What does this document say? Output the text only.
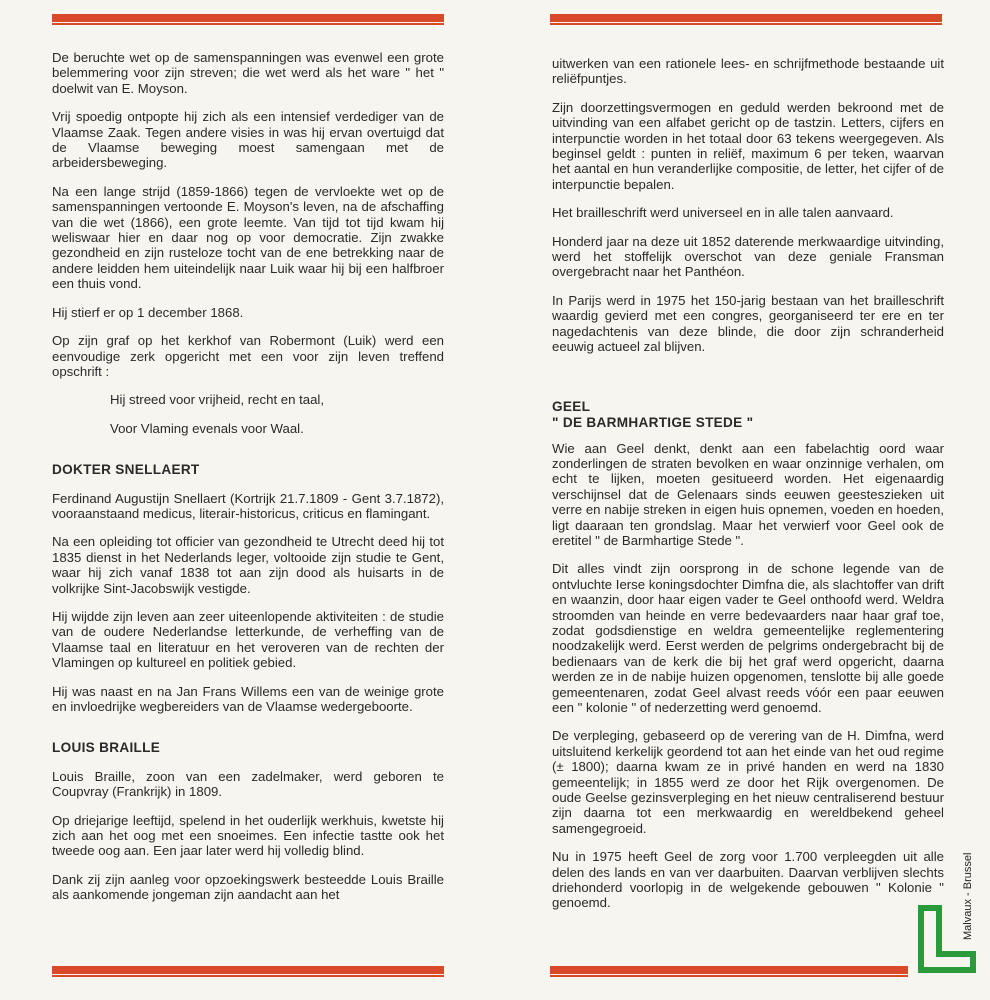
De beruchte wet op de samenspanningen was evenwel een grote belemmering voor zijn streven; die wet werd als het ware " het " doelwit van E. Moyson.

Vrij spoedig ontpopte hij zich als een intensief verdediger van de Vlaamse Zaak. Tegen andere visies in was hij ervan overtuigd dat de Vlaamse beweging moest samengaan met de arbeidersbeweging.

Na een lange strijd (1859-1866) tegen de vervloekte wet op de samenspanningen vertoonde E. Moyson's leven, na de afschaffing van die wet (1866), een grote leemte. Van tijd tot tijd kwam hij weliswaar hier en daar nog op voor democratie. Zijn zwakke gezondheid en zijn rusteloze tocht van de ene betrekking naar de andere leidden hem uiteindelijk naar Luik waar hij bij een halfbroer een thuis vond.

Hij stierf er op 1 december 1868.

Op zijn graf op het kerkhof van Robermont (Luik) werd een eenvoudige zerk opgericht met een voor zijn leven treffend opschrift :

Hij streed voor vrijheid, recht en taal,

Voor Vlaming evenals voor Waal.

DOKTER SNELLAERT

Ferdinand Augustijn Snellaert (Kortrijk 21.7.1809 - Gent 3.7.1872), vooraanstaand medicus, literair-historicus, criticus en flamingant.

Na een opleiding tot officier van gezondheid te Utrecht deed hij tot 1835 dienst in het Nederlands leger, voltooide zijn studie te Gent, waar hij zich vanaf 1838 tot aan zijn dood als huisarts in de volkrijke Sint-Jacobswijk vestigde.

Hij wijdde zijn leven aan zeer uiteenlopende aktiviteiten : de studie van de oudere Nederlandse letterkunde, de verheffing van de Vlaamse taal en literatuur en het veroveren van de rechten der Vlamingen op kultureel en politiek gebied.

Hij was naast en na Jan Frans Willems een van de weinige grote en invloedrijke wegbereiders van de Vlaamse wedergeboorte.

LOUIS BRAILLE

Louis Braille, zoon van een zadelmaker, werd geboren te Coupvray (Frankrijk) in 1809.

Op driejarige leeftijd, spelend in het ouderlijk werkhuis, kwetste hij zich aan het oog met een snoeimes. Een infectie tastte ook het tweede oog aan. Een jaar later werd hij volledig blind.

Dank zij zijn aanleg voor opzoekingswerk besteedde Louis Braille als aankomende jongeman zijn aandacht aan het

uitwerken van een rationele lees- en schrijfmethode bestaande uit reliëfpuntjes.

Zijn doorzettingsvermogen en geduld werden bekroond met de uitvinding van een alfabet gericht op de tastzin. Letters, cijfers en interpunctie worden in het totaal door 63 tekens weergegeven. Als beginsel geldt : punten in reliëf, maximum 6 per teken, waarvan het aantal en hun veranderlijke compositie, de letter, het cijfer of de interpunctie bepalen.

Het brailleschrift werd universeel en in alle talen aanvaard.

Honderd jaar na deze uit 1852 daterende merkwaardige uitvinding, werd het stoffelijk overschot van deze geniale Fransman overgebracht naar het Panthéon.

In Parijs werd in 1975 het 150-jarig bestaan van het brailleschrift waardig gevierd met een congres, georganiseerd ter ere en ter nagedachtenis van deze blinde, die door zijn schranderheid eeuwig actueel zal blijven.

GEEL
" DE BARMHARTIGE STEDE "

Wie aan Geel denkt, denkt aan een fabelachtig oord waar zonderlingen de straten bevolken en waar onzinnige verhalen, om echt te lijken, moeten gesitueerd worden. Het eigenaardig verschijnsel dat de Gelenaars sinds eeuwen geesteszieken uit verre en nabije streken in eigen huis opnemen, voeden en hoeden, ligt daaraan ten grondslag. Maar het verwierf voor Geel ook de eretitel " de Barmhartige Stede ".

Dit alles vindt zijn oorsprong in de schone legende van de ontvluchte Ierse koningsdochter Dimfna die, als slachtoffer van drift en waanzin, door haar eigen vader te Geel onthoofd werd. Weldra stroomden van heinde en verre bedevaarders naar haar graf toe, zodat godsdienstige en weldra gemeentelijke reglementering noodzakelijk werd. Eerst werden de pelgrims ondergebracht bij de bedienaars van de kerk die bij het graf werd opgericht, daarna werden ze in de nabije huizen opgenomen, tenslotte bij alle goede gemeentenaren, zodat Geel alvast reeds vóór een paar eeuwen een " kolonie " of nederzetting werd genoemd.

De verpleging, gebaseerd op de verering van de H. Dimfna, werd uitsluitend kerkelijk geordend tot aan het einde van het oud regime (± 1800); daarna kwam ze in privé handen en werd na 1830 gemeentelijk; in 1855 werd ze door het Rijk overgenomen. De oude Geelse gezinsverpleging en het nieuw centraliserend bestuur zijn daarna tot een merkwaardig en wereldbekend geheel samengegroeid.

Nu in 1975 heeft Geel de zorg voor 1.700 verpleegden uit alle delen des lands en van ver daarbuiten. Daarvan verblijven slechts driehonderd voorlopig in de welgekende gebouwen " Kolonie " genoemd.	Malvaux - Brussel
